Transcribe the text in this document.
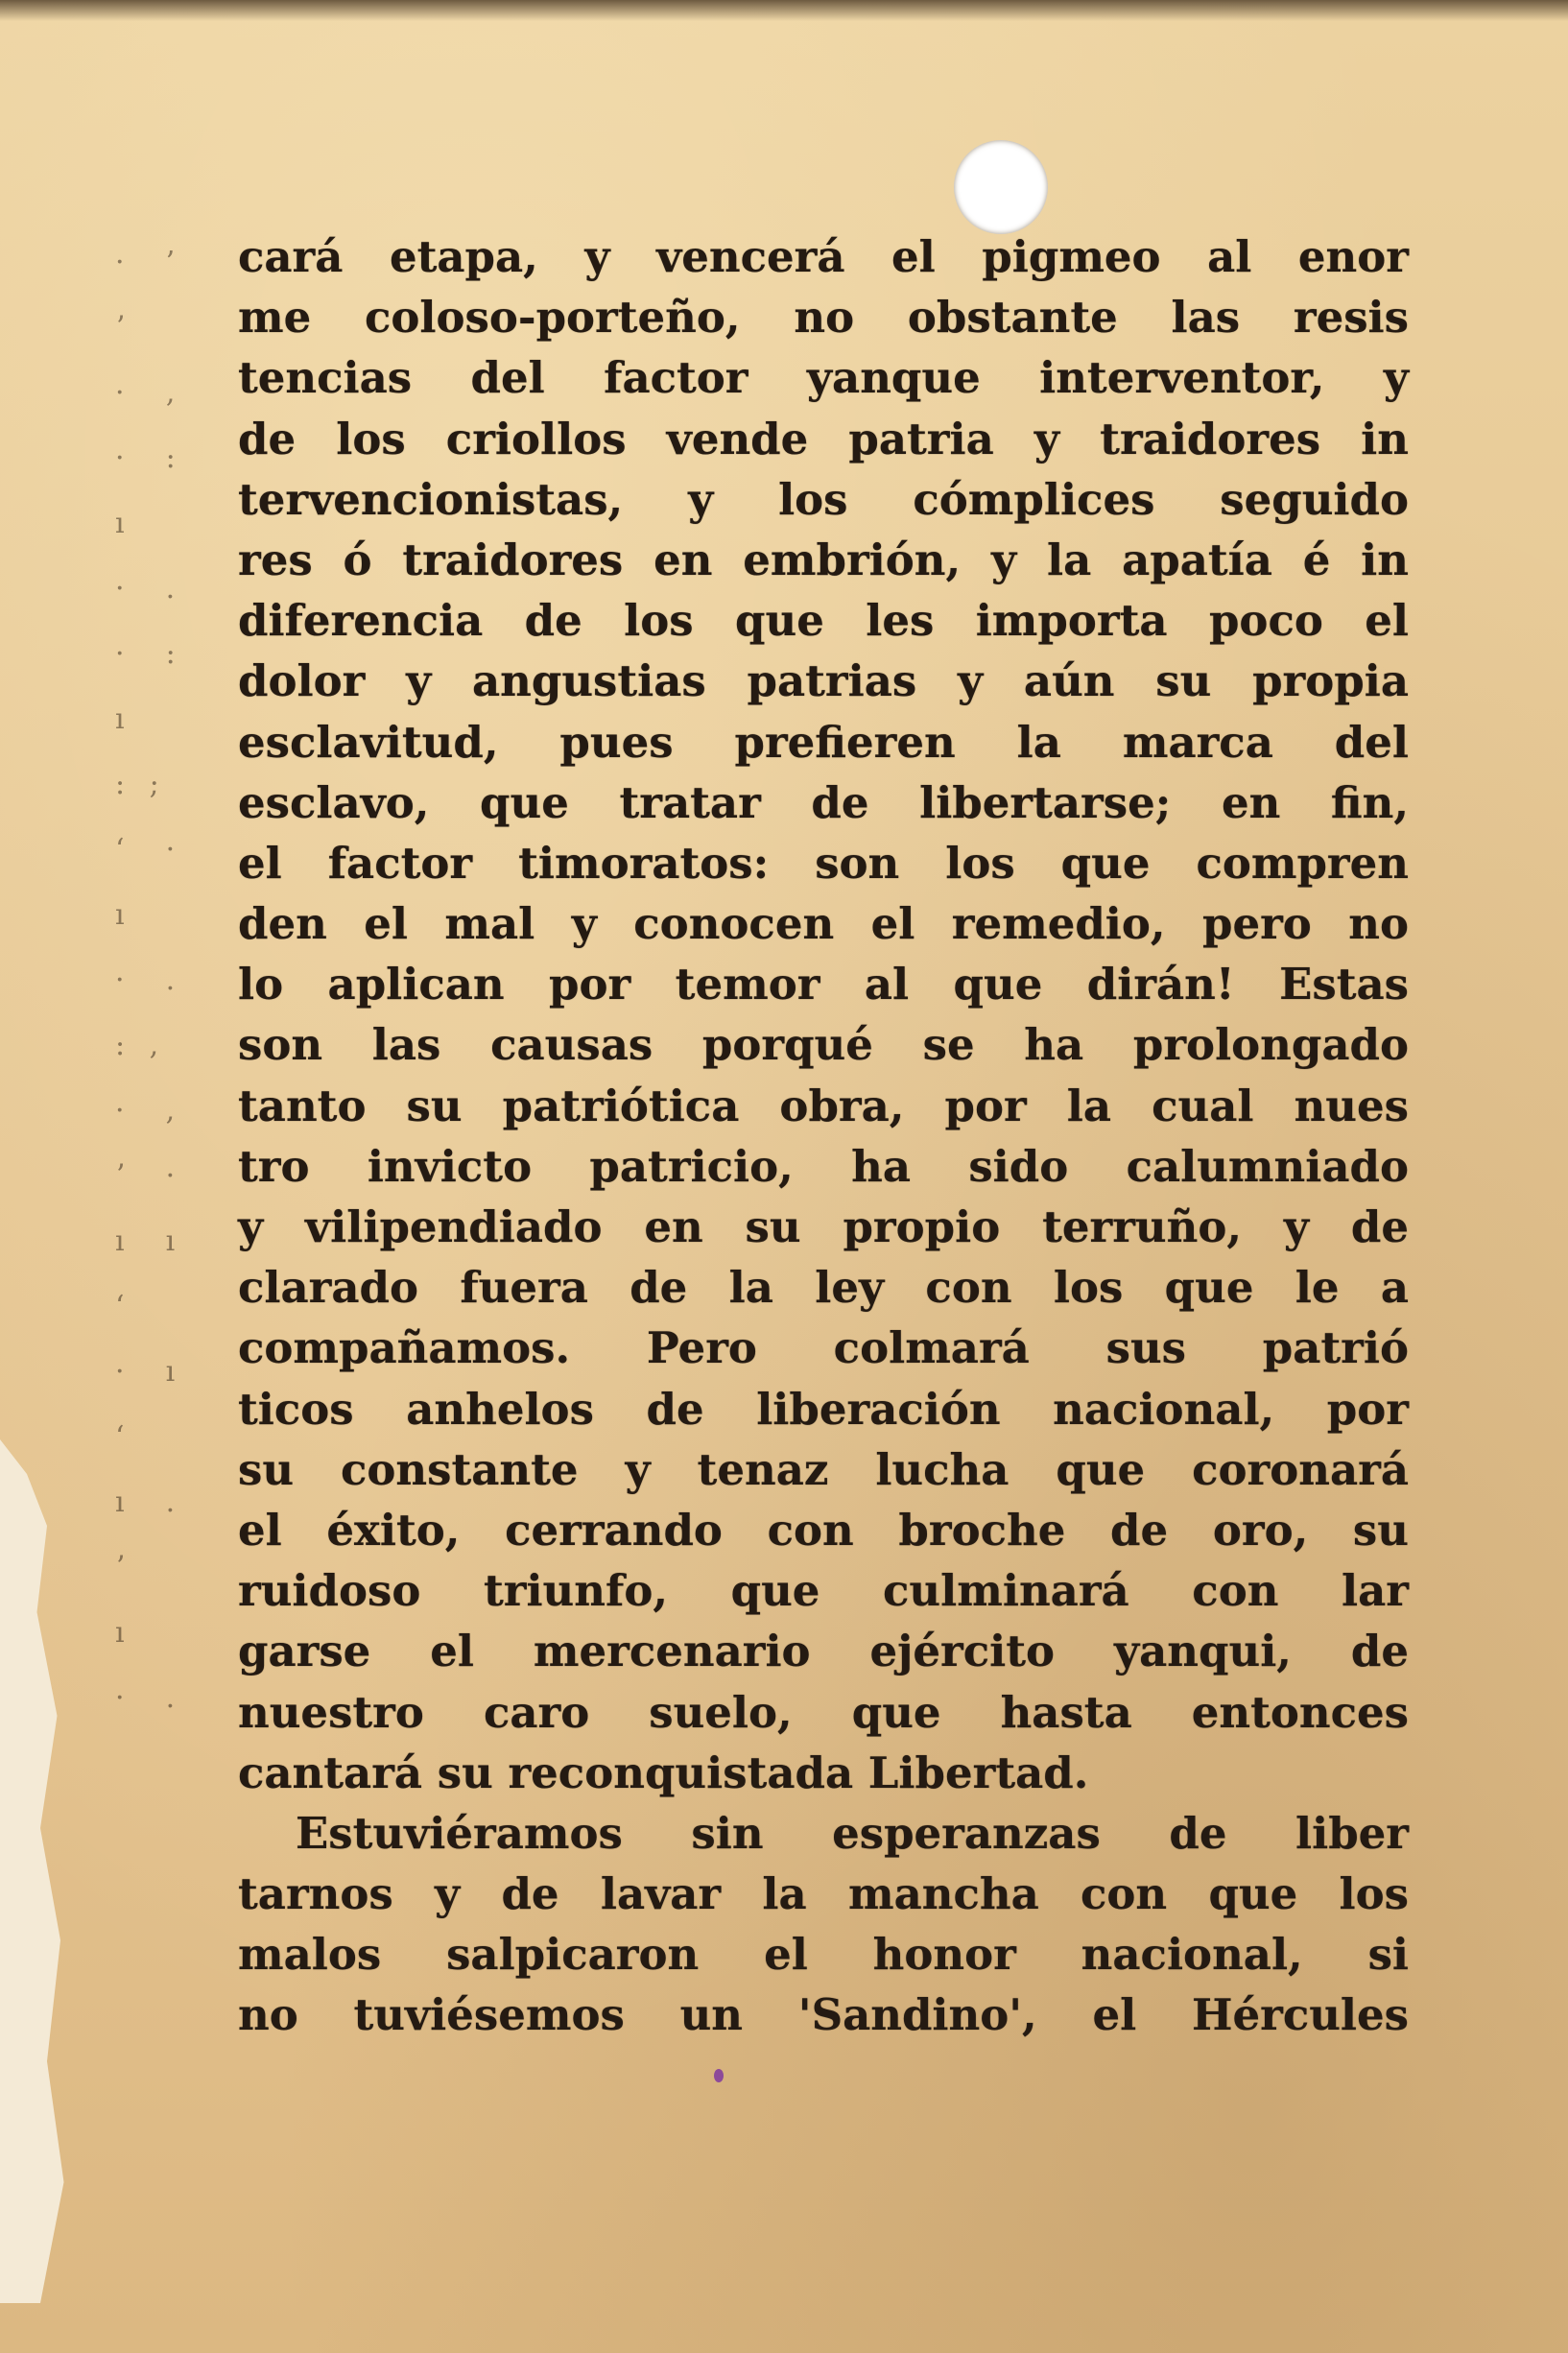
·  ’
ʼ
·  ‚
·  :
ı
·  .
·  :
ı
: ;
ʻ  ·
ı
·  .
: ,
·  ,
ʼ  ·
ı  ı
ʻ
·  ı
ʻ
ı  .
ʼ
ı
·  .
cará etapa, y vencerá el pigmeo al enor
me coloso-porteño, no obstante las resis
tencias del factor yanque interventor, y
de los criollos vende patria y traidores in
tervencionistas, y los cómplices seguido
res ó traidores en embrión, y la apatía é in
diferencia de los que les importa poco el
dolor y angustias patrias y aún su propia
esclavitud, pues prefieren la marca del
esclavo, que tratar de libertarse; en fin,
el factor timoratos: son los que compren
den el mal y conocen el remedio, pero no
lo aplican por temor al que dirán! Estas
son las causas porqué se ha prolongado
tanto su patriótica obra, por la cual nues
tro invicto patricio, ha sido calumniado
y vilipendiado en su propio terruño, y de
clarado fuera de la ley con los que le a
compañamos. Pero colmará sus patrió
ticos anhelos de liberación nacional, por
su constante y tenaz lucha que coronará
el éxito, cerrando con broche de oro, su
ruidoso triunfo, que culminará con lar
garse el mercenario ejército yanqui, de
nuestro caro suelo, que hasta entonces
cantará su reconquistada Libertad.
Estuviéramos sin esperanzas de liber
tarnos y de lavar la mancha con que los
malos salpicaron el honor nacional, si
no tuviésemos un 'Sandino', el Hércules
